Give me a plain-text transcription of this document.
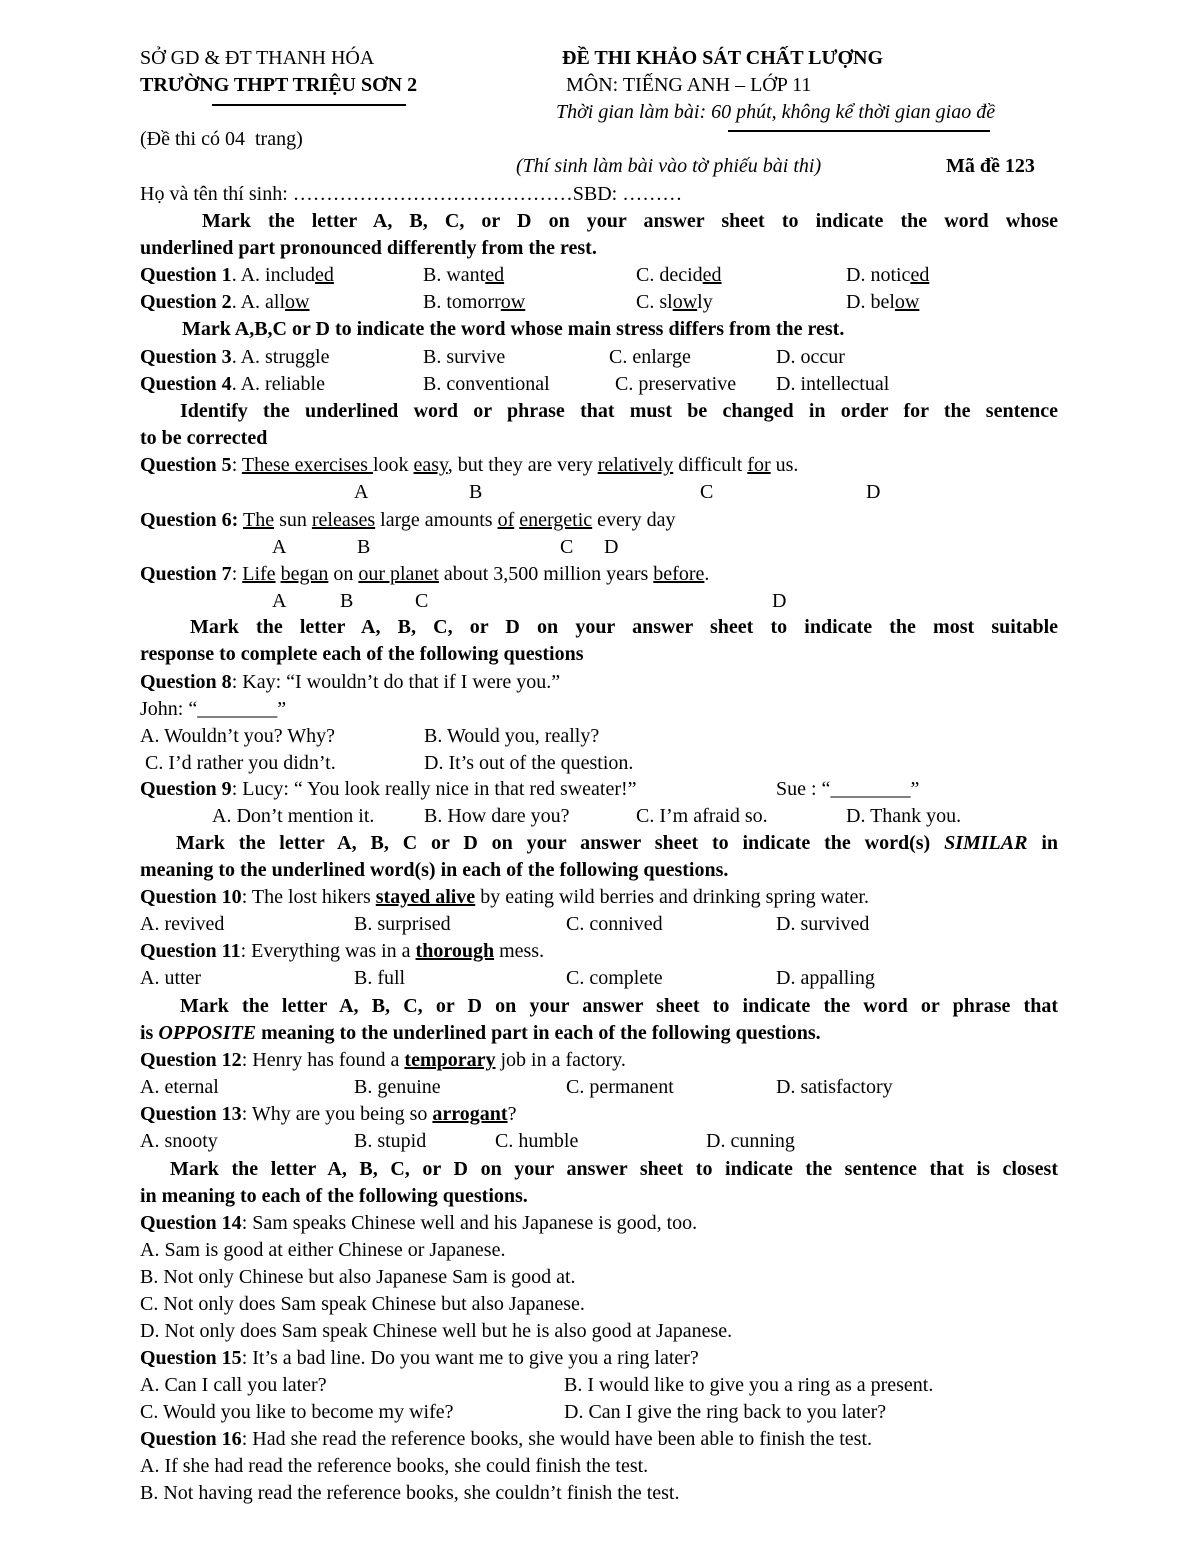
SỞ GD & ĐT THANH HÓA
TRƯỜNG THPT TRIỆU SƠN 2
ĐỀ THI KHẢO SÁT CHẤT LƯỢNG
MÔN: TIẾNG ANH – LỚP 11
Thời gian làm bài: 60 phút, không kể thời gian giao đề
(Đề thi có 04  trang)
(Thí sinh làm bài vào tờ phiếu bài thi)	Mã đề 123
Họ và tên thí sinh: ……………………………………SBD: ………
Mark the letter A, B, C, or D on your answer sheet to indicate the word whose
underlined part pronounced differently from the rest.
Question 1. A. included	B. wanted	C. decided	D. noticed
Question 2. A. allow	B. tomorrow	C. slowly	D. below
Mark A,B,C or D to indicate the word whose main stress differs from the rest.
Question 3. A. struggle	B. survive	C. enlarge	D. occur
Question 4. A. reliable	B. conventional	C. preservative D. intellectual
Identify the underlined word or phrase that must be changed in order for the sentence
to be corrected
Question 5: These exercises look easy, but they are very relatively difficult for us.
A	B	C	D
Question 6: The sun releases large amounts of energetic every day
A	B	C D
Question 7: Life began on our planet about 3,500 million years before.
A	B	C	D
Mark the letter A, B, C, or D on your answer sheet to indicate the most suitable
response to complete each of the following questions
Question 8: Kay: “I wouldn’t do that if I were you.”
John: “________”
A. Wouldn’t you? Why?	B. Would you, really?
C. I’d rather you didn’t.	D. It’s out of the question.
Question 9: Lucy: “ You look really nice in that red sweater!”	Sue : “________”
A. Don’t mention it. B. How dare you?	C. I’m afraid so.	D. Thank you.
Mark the letter A, B, C or D on your answer sheet to indicate the word(s) SIMILAR in
meaning to the underlined word(s) in each of the following questions.
Question 10: The lost hikers stayed alive by eating wild berries and drinking spring water.
A. revived	B. surprised	C. connived	D. survived
Question 11: Everything was in a thorough mess.
A. utter	B. full	C. complete	D. appalling
Mark the letter A, B, C, or D on your answer sheet to indicate the word or phrase that
is OPPOSITE meaning to the underlined part in each of the following questions.
Question 12: Henry has found a temporary job in a factory.
A. eternal	B. genuine	C. permanent	D. satisfactory
Question 13: Why are you being so arrogant?
A. snooty	B. stupid	C. humble	D. cunning
Mark the letter A, B, C, or D on your answer sheet to indicate the sentence that is closest
in meaning to each of the following questions.
Question 14: Sam speaks Chinese well and his Japanese is good, too.
A. Sam is good at either Chinese or Japanese.
B. Not only Chinese but also Japanese Sam is good at.
C. Not only does Sam speak Chinese but also Japanese.
D. Not only does Sam speak Chinese well but he is also good at Japanese.
Question 15: It’s a bad line. Do you want me to give you a ring later?
A. Can I call you later?	B. I would like to give you a ring as a present.
C. Would you like to become my wife?	D. Can I give the ring back to you later?
Question 16: Had she read the reference books, she would have been able to finish the test.
A. If she had read the reference books, she could finish the test.
B. Not having read the reference books, she couldn’t finish the test.
